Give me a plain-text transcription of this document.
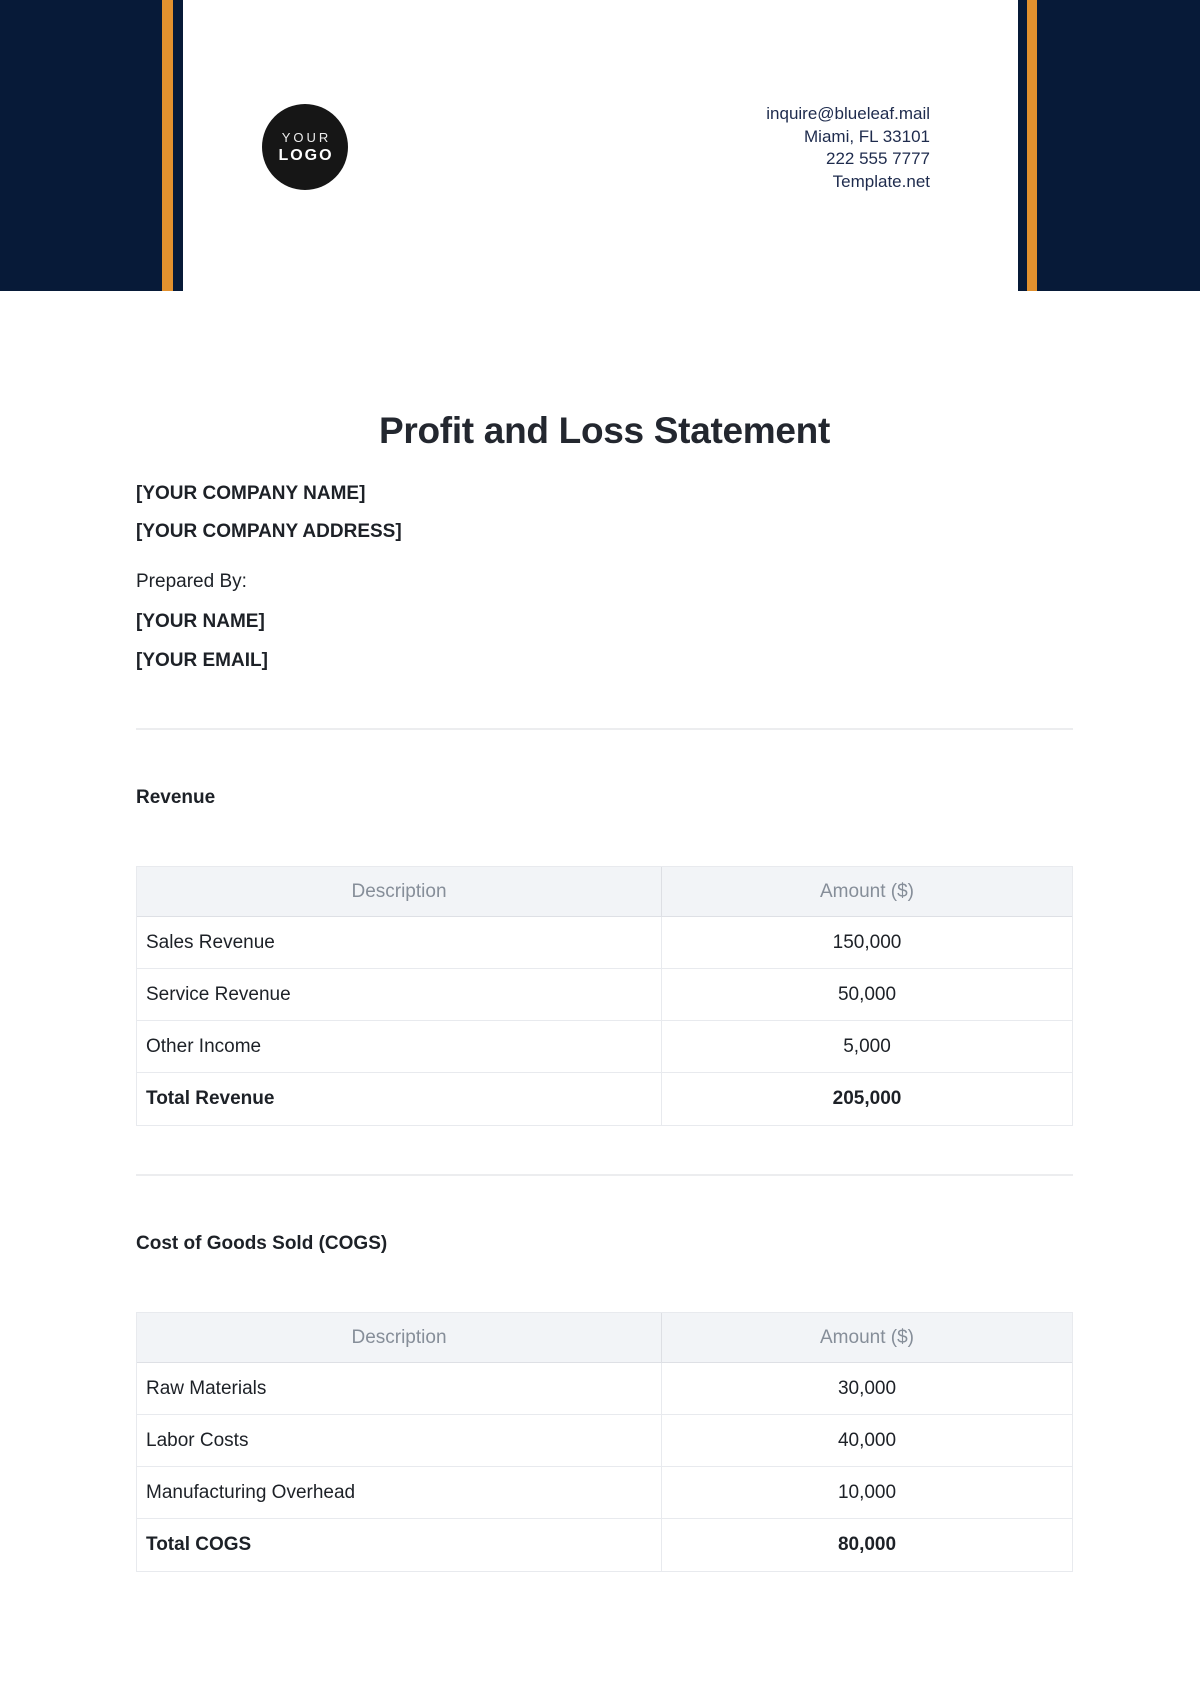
YOUR
LOGO
inquire@blueleaf.mail
Miami, FL 33101
222 555 7777
Template.net
Profit and Loss Statement
[YOUR COMPANY NAME]
[YOUR COMPANY ADDRESS]
Prepared By:
[YOUR NAME]
[YOUR EMAIL]
Revenue
Description	Amount ($)
Sales Revenue	150,000
Service Revenue	50,000
Other Income	5,000
Total Revenue	205,000
Cost of Goods Sold (COGS)
Description	Amount ($)
Raw Materials	30,000
Labor Costs	40,000
Manufacturing Overhead	10,000
Total COGS	80,000
